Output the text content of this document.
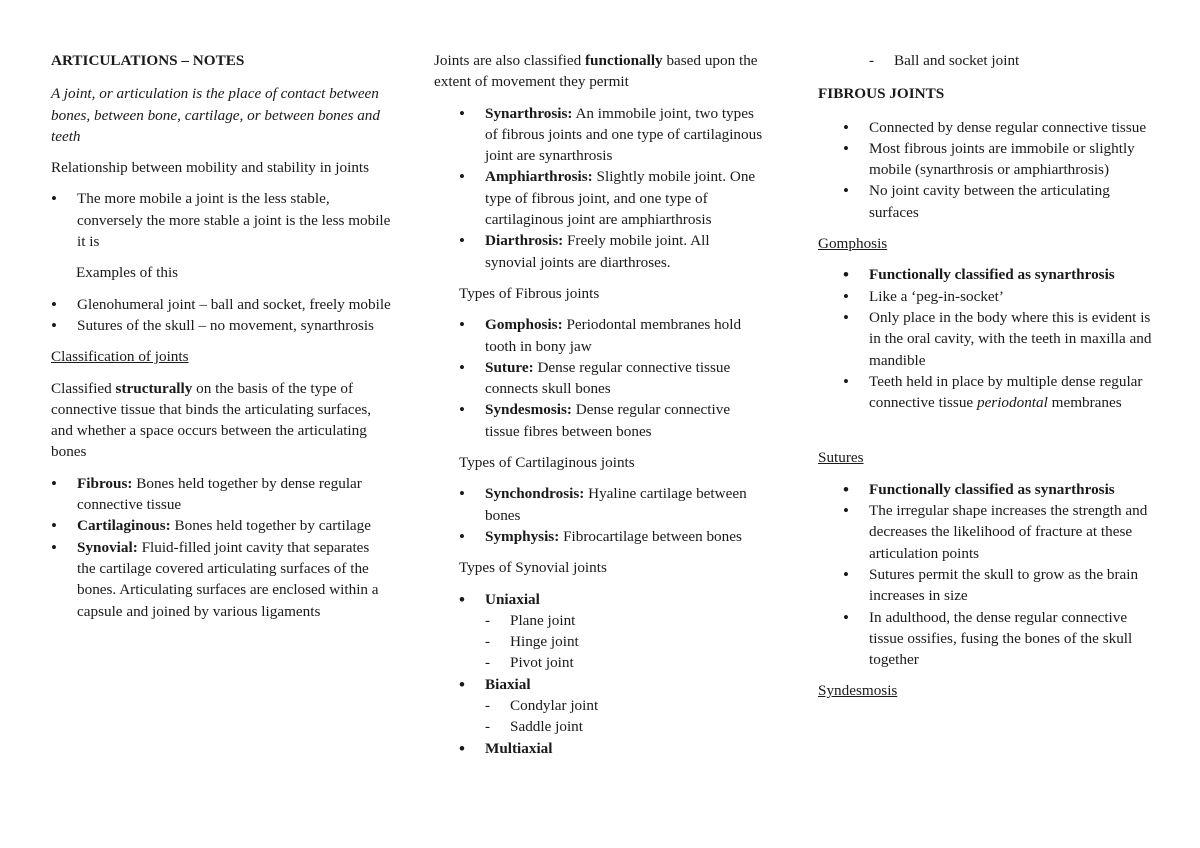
ARTICULATIONS – NOTES

A joint, or articulation is the place of contact between bones, between bone, cartilage, or between bones and teeth

Relationship between mobility and stability in joints

• The more mobile a joint is the less stable, conversely the more stable a joint is the less mobile it is

Examples of this

• Glenohumeral joint – ball and socket, freely mobile
• Sutures of the skull – no movement, synarthrosis

Classification of joints

Classified structurally on the basis of the type of connective tissue that binds the articulating surfaces, and whether a space occurs between the articulating bones

• Fibrous: Bones held together by dense regular connective tissue
• Cartilaginous: Bones held together by cartilage
• Synovial: Fluid-filled joint cavity that separates the cartilage covered articulating surfaces of the bones. Articulating surfaces are enclosed within a capsule and joined by various ligaments

Joints are also classified functionally based upon the extent of movement they permit

• Synarthrosis: An immobile joint, two types of fibrous joints and one type of cartilaginous joint are synarthrosis
• Amphiarthrosis: Slightly mobile joint. One type of fibrous joint, and one type of cartilaginous joint are amphiarthrosis
• Diarthrosis: Freely mobile joint. All synovial joints are diarthroses.

Types of Fibrous joints

• Gomphosis: Periodontal membranes hold tooth in bony jaw
• Suture: Dense regular connective tissue connects skull bones
• Syndesmosis: Dense regular connective tissue fibres between bones

Types of Cartilaginous joints

• Synchondrosis: Hyaline cartilage between bones
• Symphysis: Fibrocartilage between bones

Types of Synovial joints

• Uniaxial
- Plane joint
- Hinge joint
- Pivot joint
• Biaxial
- Condylar joint
- Saddle joint
• Multiaxial
- Ball and socket joint

FIBROUS JOINTS

• Connected by dense regular connective tissue
• Most fibrous joints are immobile or slightly mobile (synarthrosis or amphiarthrosis)
• No joint cavity between the articulating surfaces

Gomphosis

• Functionally classified as synarthrosis
• Like a ‘peg-in-socket’
• Only place in the body where this is evident is in the oral cavity, with the teeth in maxilla and mandible
• Teeth held in place by multiple dense regular connective tissue periodontal membranes

Sutures

• Functionally classified as synarthrosis
• The irregular shape increases the strength and decreases the likelihood of fracture at these articulation points
• Sutures permit the skull to grow as the brain increases in size
• In adulthood, the dense regular connective tissue ossifies, fusing the bones of the skull together

Syndesmosis
